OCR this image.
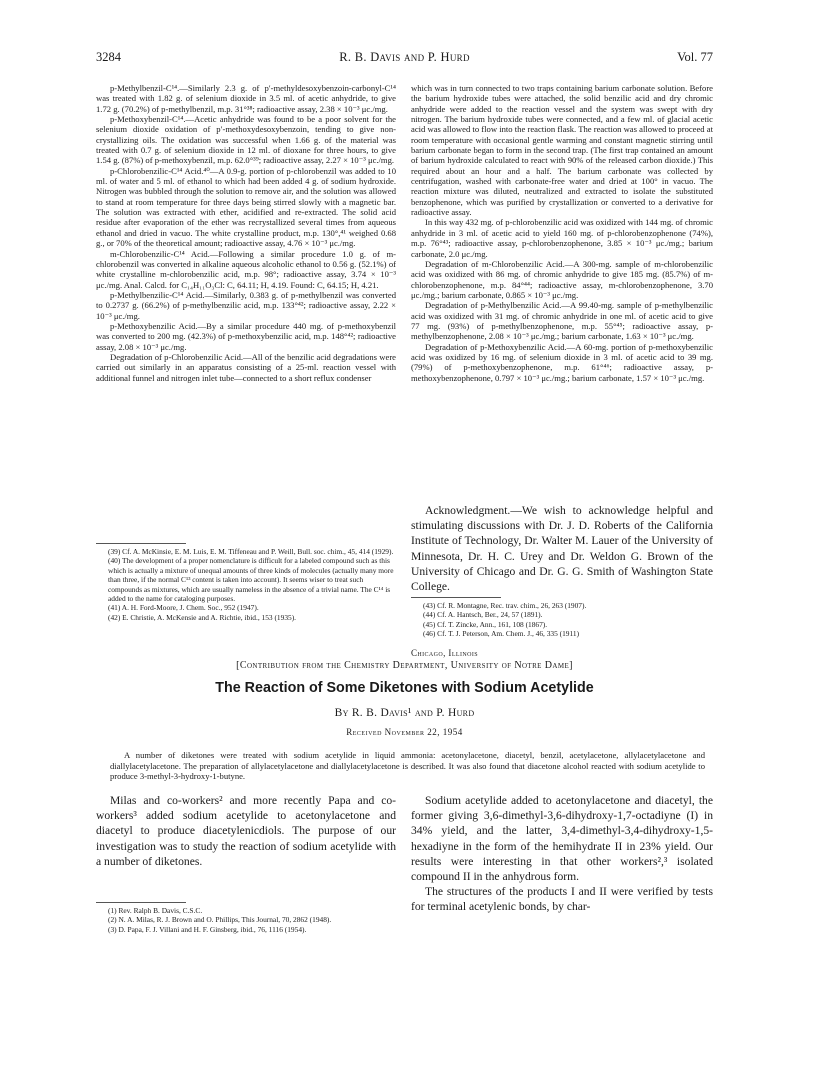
3284	R. B. Davis and P. Hurd	Vol. 77

p-Methylbenzil-C¹⁴.—Similarly 2.3 g. of p′-methyldesoxybenzoin-carbonyl-C¹⁴ was treated with 1.82 g. of selenium dioxide in 3.5 ml. of acetic anhydride, to give 1.72 g. (70.2%) of p-methylbenzil, m.p. 31°³⁸; radioactive assay, 2.38 × 10⁻³ μc./mg.

p-Methoxybenzil-C¹⁴.—Acetic anhydride was found to be a poor solvent for the selenium dioxide oxidation of p′-methoxydesoxybenzoin, tending to give non-crystallizing oils. The oxidation was successful when 1.66 g. of the material was treated with 0.7 g. of selenium dioxide in 12 ml. of dioxane for three hours, to give 1.54 g. (87%) of p-methoxybenzil, m.p. 62.0°³⁹; radioactive assay, 2.27 × 10⁻³ μc./mg.

p-Chlorobenzilic-C¹⁴ Acid.⁴⁰—A 0.9-g. portion of p-chlorobenzil was added to 10 ml. of water and 5 ml. of ethanol to which had been added 4 g. of sodium hydroxide. Nitrogen was bubbled through the solution to remove air, and the solution was allowed to stand at room temperature for three days being stirred slowly with a magnetic bar. The solution was extracted with ether, acidified and re-extracted. The solid acid residue after evaporation of the ether was recrystallized several times from aqueous ethanol and dried in vacuo. The white crystalline product, m.p. 130°,⁴¹ weighed 0.68 g., or 70% of the theoretical amount; radioactive assay, 4.76 × 10⁻³ μc./mg.

m-Chlorobenzilic-C¹⁴ Acid.—Following a similar procedure 1.0 g. of m-chlorobenzil was converted in alkaline aqueous alcoholic ethanol to 0.56 g. (52.1%) of white crystalline m-chlorobenzilic acid, m.p. 98°; radioactive assay, 3.74 × 10⁻³ μc./mg. Anal. Calcd. for C₁₄H₁₁O₃Cl: C, 64.11; H, 4.19. Found: C, 64.15; H, 4.21.

p-Methylbenzilic-C¹⁴ Acid.—Similarly, 0.383 g. of p-methylbenzil was converted to 0.2737 g. (66.2%) of p-methylbenzilic acid, m.p. 133°⁴²; radioactive assay, 2.22 × 10⁻³ μc./mg.

p-Methoxybenzilic Acid.—By a similar procedure 440 mg. of p-methoxybenzil was converted to 200 mg. (42.3%) of p-methoxybenzilic acid, m.p. 148°⁴²; radioactive assay, 2.08 × 10⁻³ μc./mg.

Degradation of p-Chlorobenzilic Acid.—All of the benzilic acid degradations were carried out similarly in an apparatus consisting of a 25-ml. reaction vessel with additional funnel and nitrogen inlet tube—connected to a short reflux condenser

(39) Cf. A. McKinsie, E. M. Luis, E. M. Tiffeneau and P. Weill, Bull. soc. chim., 45, 414 (1929).

(40) The development of a proper nomenclature is difficult for a labeled compound such as this which is actually a mixture of unequal amounts of three kinds of molecules (actually many more than three, if the normal C¹³ content is taken into account). It seems wiser to treat such compounds as mixtures, which are usually nameless in the absence of a trivial name. The C¹⁴ is added to the name for cataloging purposes.

(41) A. H. Ford-Moore, J. Chem. Soc., 952 (1947).

(42) E. Christie, A. McKensie and A. Richtie, ibid., 153 (1935).

which was in turn connected to two traps containing barium carbonate solution. Before the barium hydroxide tubes were attached, the solid benzilic acid and dry chromic anhydride were added to the reaction vessel and the system was swept with dry nitrogen. The barium hydroxide tubes were connected, and a few ml. of glacial acetic acid was allowed to flow into the reaction flask. The reaction was allowed to proceed at room temperature with occasional gentle warming and constant magnetic stirring until barium carbonate began to form in the second trap. (The first trap contained an amount of barium hydroxide calculated to react with 90% of the released carbon dioxide.) This required about an hour and a half. The barium carbonate was collected by centrifugation, washed with carbonate-free water and dried at 100° in vacuo. The reaction mixture was diluted, neutralized and extracted to isolate the substituted benzophenone, which was purified by crystallization or converted to a derivative for radioactive assay.

In this way 432 mg. of p-chlorobenzilic acid was oxidized with 144 mg. of chromic anhydride in 3 ml. of acetic acid to yield 160 mg. of p-chlorobenzophenone (74%), m.p. 76°⁴³; radioactive assay, p-chlorobenzophenone, 3.85 × 10⁻³ μc./mg.; barium carbonate, 2.0 μc./mg.

Degradation of m-Chlorobenzilic Acid.—A 300-mg. sample of m-chlorobenzilic acid was oxidized with 86 mg. of chromic anhydride to give 185 mg. (85.7%) of m-chlorobenzophenone, m.p. 84°⁴⁴; radioactive assay, m-chlorobenzophenone, 3.70 μc./mg.; barium carbonate, 0.865 × 10⁻³ μc./mg.

Degradation of p-Methylbenzilic Acid.—A 99.40-mg. sample of p-methylbenzilic acid was oxidized with 31 mg. of chromic anhydride in one ml. of acetic acid to give 77 mg. (93%) of p-methylbenzophenone, m.p. 55°⁴⁵; radioactive assay, p-methylbenzophenone, 2.08 × 10⁻³ μc./mg.; barium carbonate, 1.63 × 10⁻³ μc./mg.

Degradation of p-Methoxybenzilic Acid.—A 60-mg. portion of p-methoxybenzilic acid was oxidized by 16 mg. of selenium dioxide in 3 ml. of acetic acid to 39 mg. (79%) of p-methoxybenzophenone, m.p. 61°⁴⁶; radioactive assay, p-methoxybenzophenone, 0.797 × 10⁻³ μc./mg.; barium carbonate, 1.57 × 10⁻³ μc./mg.

Acknowledgment.—We wish to acknowledge helpful and stimulating discussions with Dr. J. D. Roberts of the California Institute of Technology, Dr. Walter M. Lauer of the University of Minnesota, Dr. H. C. Urey and Dr. Weldon G. Brown of the University of Chicago and Dr. G. G. Smith of Washington State College.

(43) Cf. R. Montagne, Rec. trav. chim., 26, 263 (1907).

(44) Cf. A. Hantsch, Ber., 24, 57 (1891).

(45) Cf. T. Zincke, Ann., 161, 108 (1867).

(46) Cf. T. J. Peterson, Am. Chem. J., 46, 335 (1911)

Chicago, Illinois
[Contribution from the Chemistry Department, University of Notre Dame]
The Reaction of Some Diketones with Sodium Acetylide
By R. B. Davis¹ and P. Hurd
Received November 22, 1954

A number of diketones were treated with sodium acetylide in liquid ammonia: acetonylacetone, diacetyl, benzil, acetylacetone, allylacetylacetone and diallylacetylacetone. The preparation of allylacetylacetone and diallylacetylacetone is described. It was also found that diacetone alcohol reacted with sodium acetylide to produce 3-methyl-3-hydroxy-1-butyne.

Milas and co-workers² and more recently Papa and co-workers³ added sodium acetylide to acetonylacetone and diacetyl to produce diacetylenicdiols. The purpose of our investigation was to study the reaction of sodium acetylide with a number of diketones.

(1) Rev. Ralph B. Davis, C.S.C.

(2) N. A. Milas, R. J. Brown and O. Phillips, This Journal, 70, 2862 (1948).

(3) D. Papa, F. J. Villani and H. F. Ginsberg, ibid., 76, 1116 (1954).

Sodium acetylide added to acetonylacetone and diacetyl, the former giving 3,6-dimethyl-3,6-dihydroxy-1,7-octadiyne (I) in 34% yield, and the latter, 3,4-dimethyl-3,4-dihydroxy-1,5-hexadiyne in the form of the hemihydrate II in 23% yield. Our results were interesting in that other workers²,³ isolated compound II in the anhydrous form.

The structures of the products I and II were verified by tests for terminal acetylenic bonds, by char-
